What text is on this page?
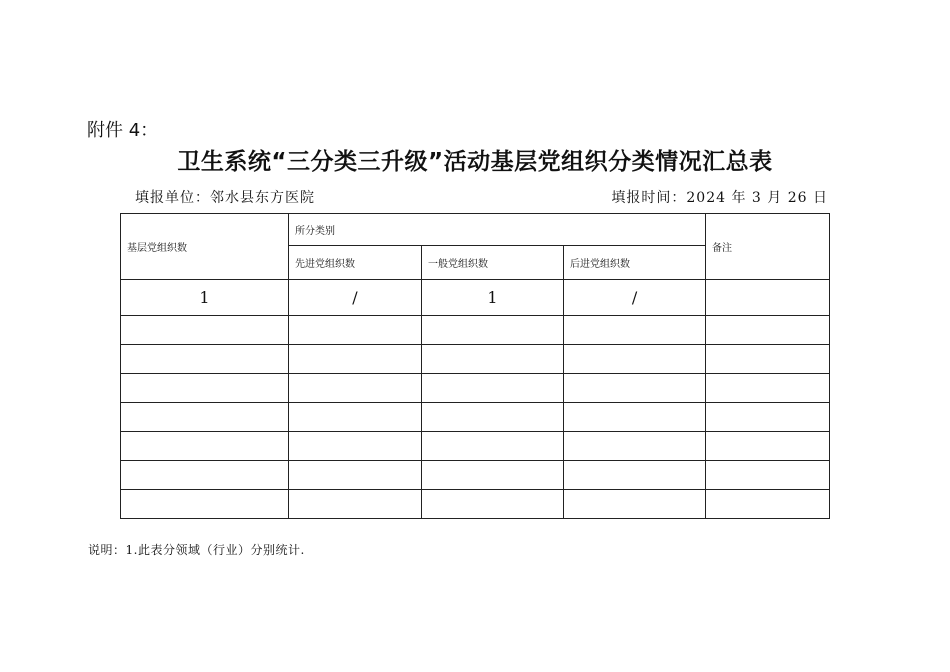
附件 4：
卫生系统“三分类三升级”活动基层党组织分类情况汇总表
填报单位：邻水县东方医院	填报时间：2024 年 3 月 26 日
基层党组织数	所分类别			备注
	先进党组织数	一般党组织数	后进党组织数	
1	/	1	/	

说明：1.此表分领域（行业）分别统计.
